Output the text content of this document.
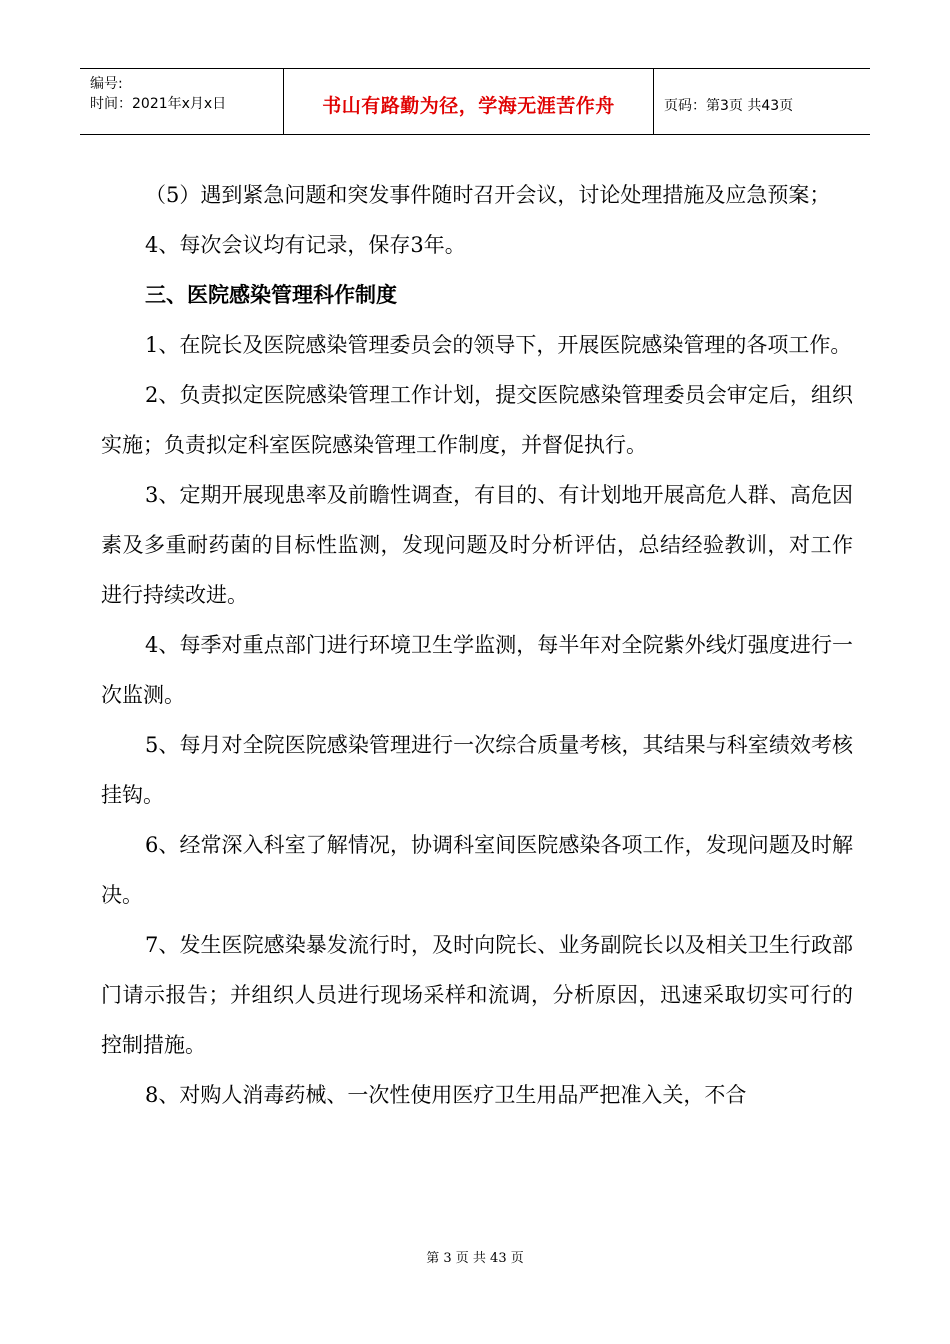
编号:
时间：2021年x月x日	书山有路勤为径，学海无涯苦作舟	页码：第3页 共43页

（5）遇到紧急问题和突发事件随时召开会议，讨论处理措施及应急预案；

4、每次会议均有记录，保存3年。

三、医院感染管理科作制度

1、在院长及医院感染管理委员会的领导下，开展医院感染管理的各项工作。

2、负责拟定医院感染管理工作计划，提交医院感染管理委员会审定后，组织实施；负责拟定科室医院感染管理工作制度，并督促执行。

3、定期开展现患率及前瞻性调查，有目的、有计划地开展高危人群、高危因素及多重耐药菌的目标性监测，发现问题及时分析评估，总结经验教训，对工作进行持续改进。

4、每季对重点部门进行环境卫生学监测，每半年对全院紫外线灯强度进行一次监测。

5、每月对全院医院感染管理进行一次综合质量考核，其结果与科室绩效考核挂钩。

6、经常深入科室了解情况，协调科室间医院感染各项工作，发现问题及时解决。

7、发生医院感染暴发流行时，及时向院长、业务副院长以及相关卫生行政部门请示报告；并组织人员进行现场采样和流调，分析原因，迅速采取切实可行的控制措施。

8、对购人消毒药械、一次性使用医疗卫生用品严把准入关，不合

第 3 页 共 43 页
